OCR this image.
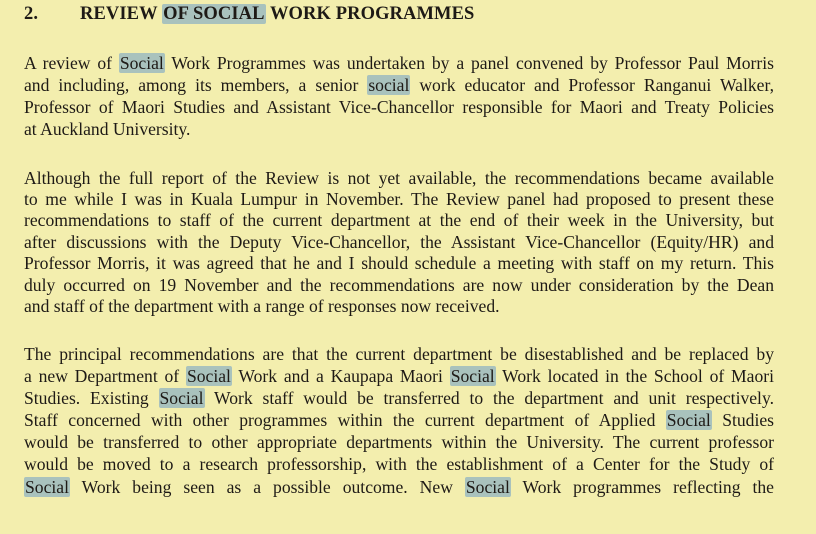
2. REVIEW OF SOCIAL WORK PROGRAMMES
A review of Social Work Programmes was undertaken by a panel convened by Professor Paul Morris
and including, among its members, a senior social work educator and Professor Ranganui Walker,
Professor of Maori Studies and Assistant Vice-Chancellor responsible for Maori and Treaty Policies
at Auckland University.
Although the full report of the Review is not yet available, the recommendations became available
to me while I was in Kuala Lumpur in November. The Review panel had proposed to present these
recommendations to staff of the current department at the end of their week in the University, but
after discussions with the Deputy Vice-Chancellor, the Assistant Vice-Chancellor (Equity/HR) and
Professor Morris, it was agreed that he and I should schedule a meeting with staff on my return. This
duly occurred on 19 November and the recommendations are now under consideration by the Dean
and staff of the department with a range of responses now received.
The principal recommendations are that the current department be disestablished and be replaced by
a new Department of Social Work and a Kaupapa Maori Social Work located in the School of Maori
Studies. Existing Social Work staff would be transferred to the department and unit respectively.
Staff concerned with other programmes within the current department of Applied Social Studies
would be transferred to other appropriate departments within the University. The current professor
would be moved to a research professorship, with the establishment of a Center for the Study of
Social Work being seen as a possible outcome. New Social Work programmes reflecting the
